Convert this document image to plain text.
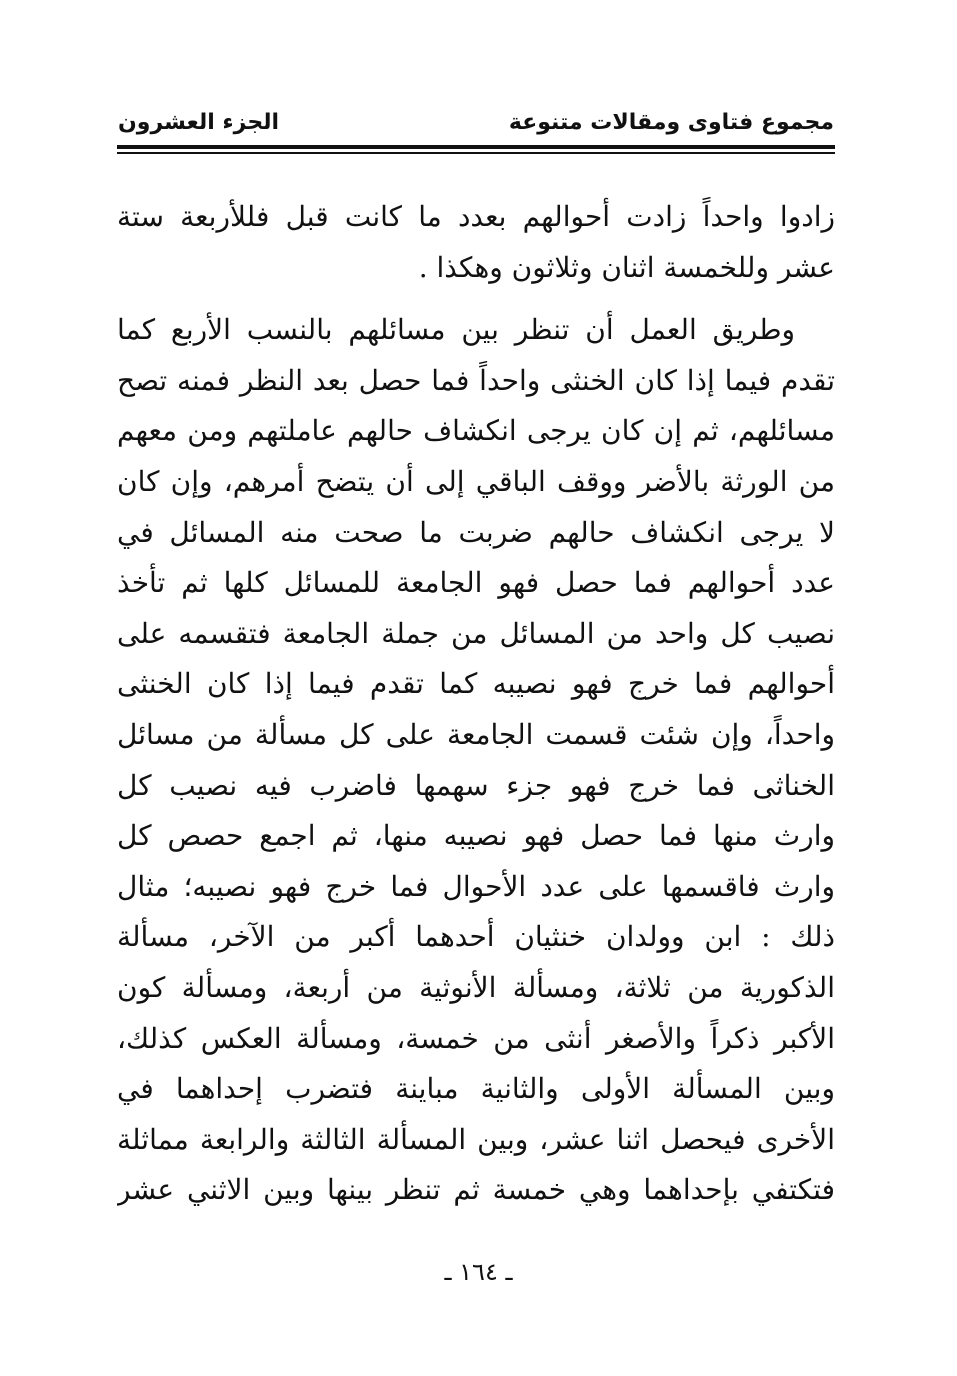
مجموع فتاوى ومقالات متنوعة
الجزء العشرون
زادوا واحداً زادت أحوالهم بعدد ما كانت قبل فللأربعة ستة
عشر وللخمسة اثنان وثلاثون وهكذا .
وطريق العمل أن تنظر بين مسائلهم بالنسب الأربع كما
تقدم فيما إذا كان الخنثى واحداً فما حصل بعد النظر فمنه تصح
مسائلهم، ثم إن كان يرجى انكشاف حالهم عاملتهم ومن معهم
من الورثة بالأضر ووقف الباقي إلى أن يتضح أمرهم، وإن كان
لا يرجى انكشاف حالهم ضربت ما صحت منه المسائل في
عدد أحوالهم فما حصل فهو الجامعة للمسائل كلها ثم تأخذ
نصيب كل واحد من المسائل من جملة الجامعة فتقسمه على
أحوالهم فما خرج فهو نصيبه كما تقدم فيما إذا كان الخنثى
واحداً، وإن شئت قسمت الجامعة على كل مسألة من مسائل
الخناثى فما خرج فهو جزء سهمها فاضرب فيه نصيب كل
وارث منها فما حصل فهو نصيبه منها، ثم اجمع حصص كل
وارث فاقسمها على عدد الأحوال فما خرج فهو نصيبه؛ مثال
ذلك : ابن وولدان خنثيان أحدهما أكبر من الآخر، مسألة
الذكورية من ثلاثة، ومسألة الأنوثية من أربعة، ومسألة كون
الأكبر ذكراً والأصغر أنثى من خمسة، ومسألة العكس كذلك،
وبين المسألة الأولى والثانية مباينة فتضرب إحداهما في
الأخرى فيحصل اثنا عشر، وبين المسألة الثالثة والرابعة مماثلة
فتكتفي بإحداهما وهي خمسة ثم تنظر بينها وبين الاثني عشر
ـ ١٦٤ ـ
